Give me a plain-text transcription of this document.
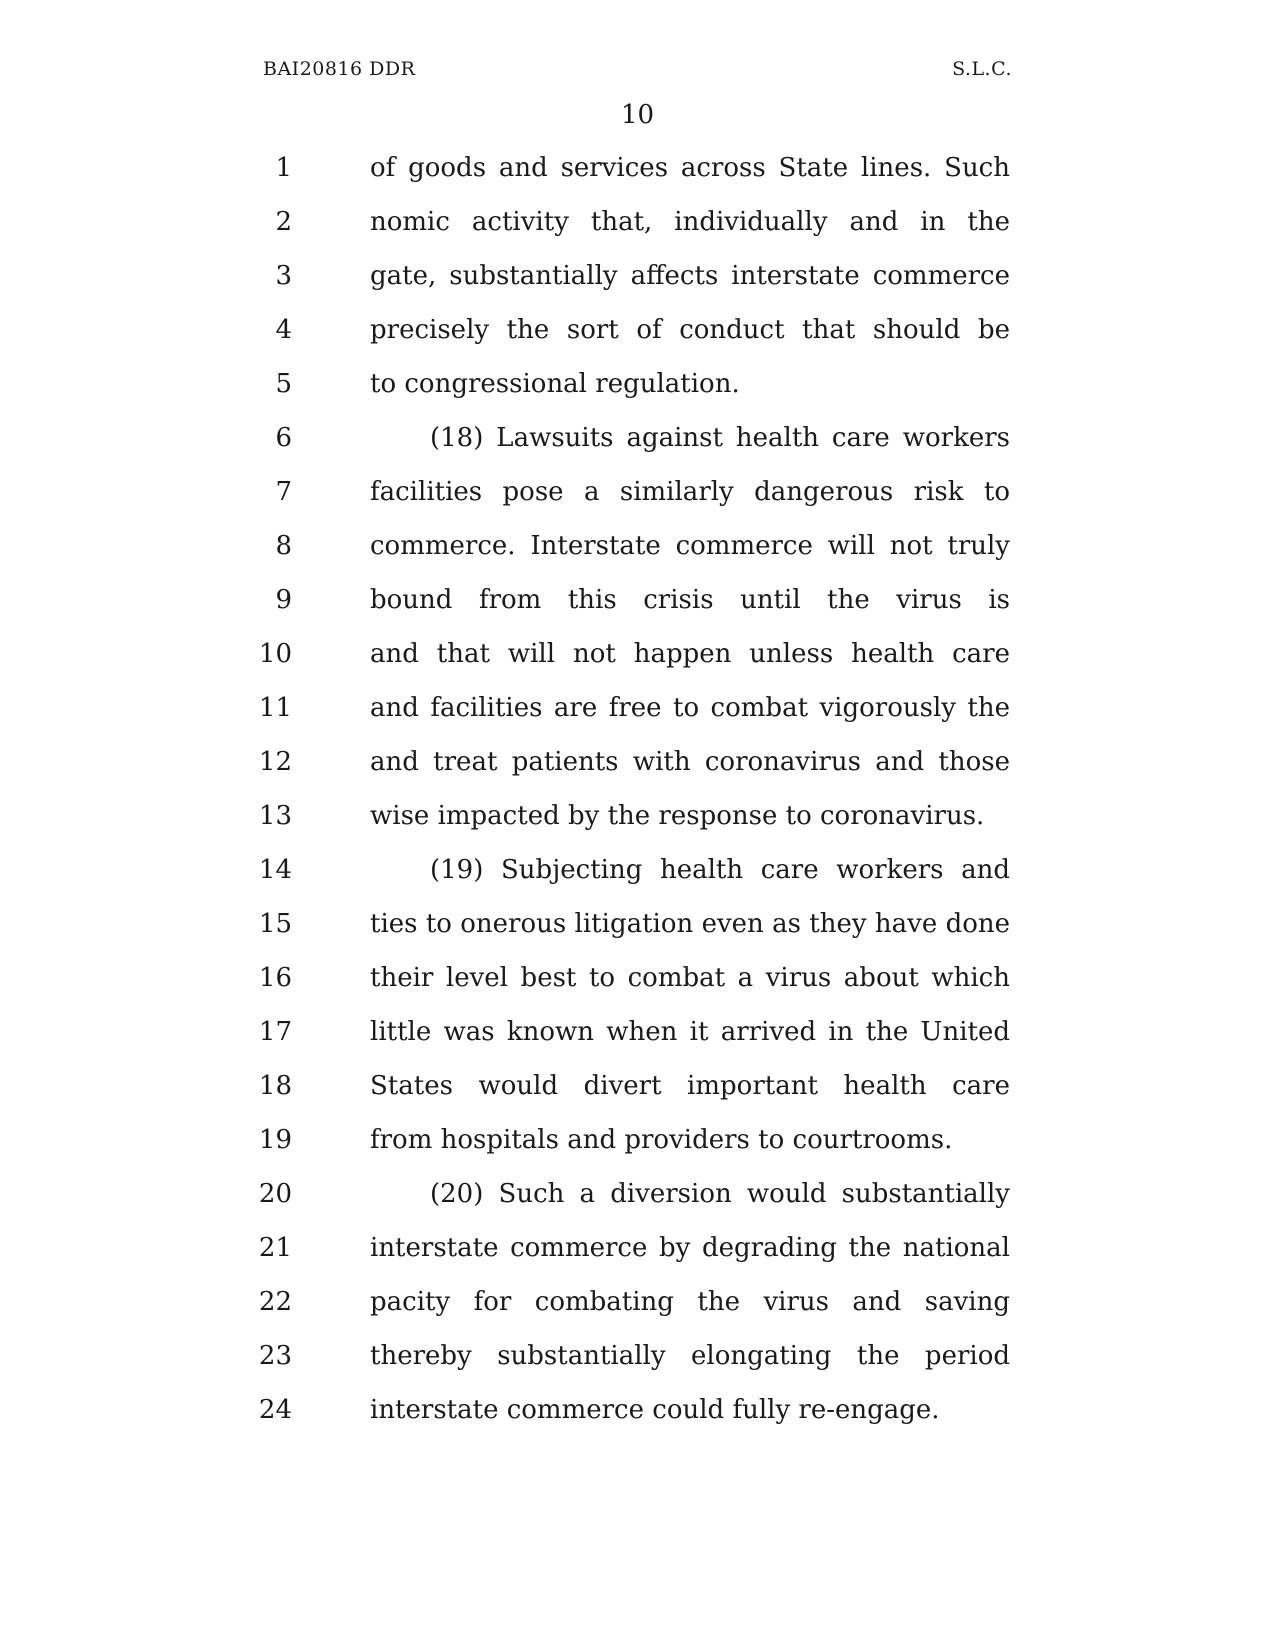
BAI20816 DDR	S.L.C.
10
1	of goods and services across State lines. Such
2	nomic activity that, individually and in the
3	gate, substantially affects interstate commerce
4	precisely the sort of conduct that should be
5	to congressional regulation.
6	(18) Lawsuits against health care workers
7	facilities pose a similarly dangerous risk to
8	commerce. Interstate commerce will not truly
9	bound from this crisis until the virus is
10	and that will not happen unless health care
11	and facilities are free to combat vigorously the
12	and treat patients with coronavirus and those
13	wise impacted by the response to coronavirus.
14	(19) Subjecting health care workers and
15	ties to onerous litigation even as they have done
16	their level best to combat a virus about which
17	little was known when it arrived in the United
18	States would divert important health care
19	from hospitals and providers to courtrooms.
20	(20) Such a diversion would substantially
21	interstate commerce by degrading the national
22	pacity for combating the virus and saving
23	thereby substantially elongating the period
24	interstate commerce could fully re-engage.
